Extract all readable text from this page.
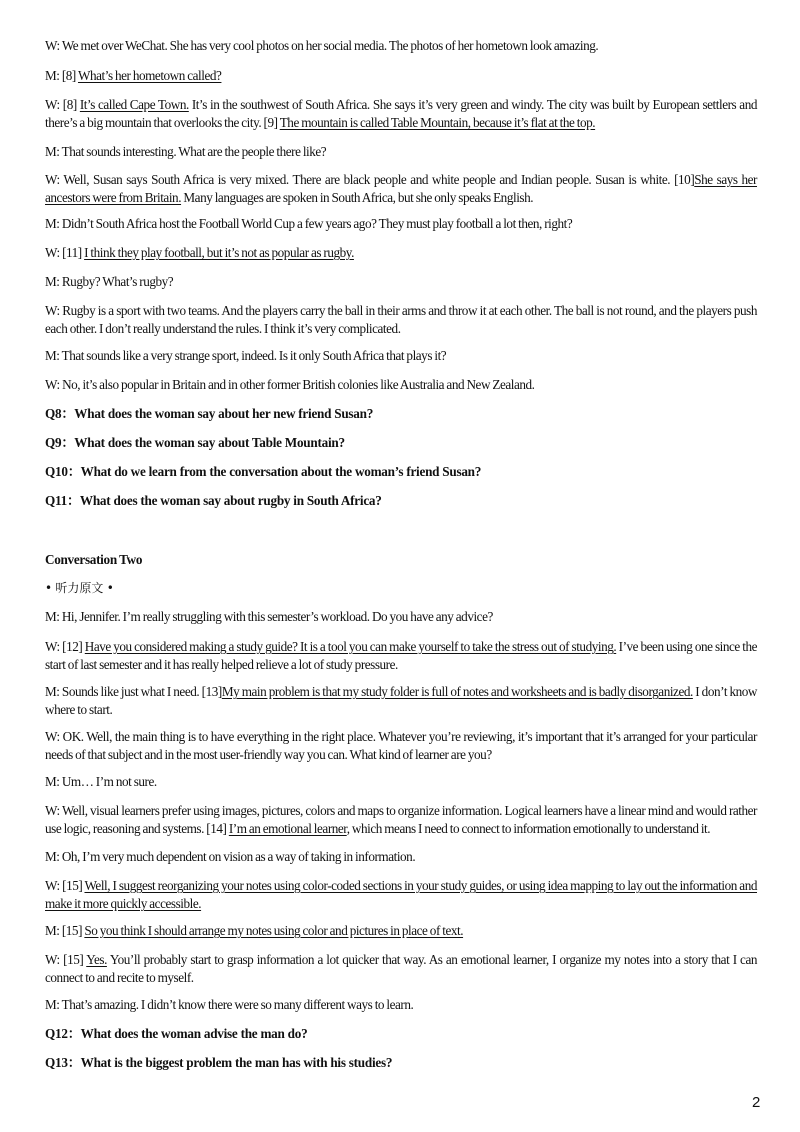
W: We met over WeChat. She has very cool photos on her social media. The photos of her hometown look amazing.

M: [8] What’s her hometown called?

W: [8] It’s called Cape Town. It’s in the southwest of South Africa. She says it’s very green and windy. The city was built by European settlers and there’s a big mountain that overlooks the city. [9] The mountain is called Table Mountain, because it’s flat at the top.

M: That sounds interesting. What are the people there like?

W: Well, Susan says South Africa is very mixed. There are black people and white people and Indian people. Susan is white. [10]She says her ancestors were from Britain. Many languages are spoken in South Africa, but she only speaks English.

M: Didn’t South Africa host the Football World Cup a few years ago? They must play football a lot then, right?

W: [11] I think they play football, but it’s not as popular as rugby.

M: Rugby? What’s rugby?

W: Rugby is a sport with two teams. And the players carry the ball in their arms and throw it at each other. The ball is not round, and the players push each other. I don’t really understand the rules. I think it’s very complicated.

M: That sounds like a very strange sport, indeed. Is it only South Africa that plays it?

W: No, it’s also popular in Britain and in other former British colonies like Australia and New Zealand.

Q8：What does the woman say about her new friend Susan?

Q9：What does the woman say about Table Mountain?

Q10：What do we learn from the conversation about the woman’s friend Susan?

Q11：What does the woman say about rugby in South Africa?

Conversation Two

• 听力原文 •

M: Hi, Jennifer. I’m really struggling with this semester’s workload. Do you have any advice?

W: [12] Have you considered making a study guide? It is a tool you can make yourself to take the stress out of studying. I’ve been using one since the start of last semester and it has really helped relieve a lot of study pressure.

M: Sounds like just what I need. [13]My main problem is that my study folder is full of notes and worksheets and is badly disorganized. I don’t know where to start.

W: OK. Well, the main thing is to have everything in the right place. Whatever you’re reviewing, it’s important that it’s arranged for your particular needs of that subject and in the most user-friendly way you can. What kind of learner are you?

M: Um… I’m not sure.

W: Well, visual learners prefer using images, pictures, colors and maps to organize information. Logical learners have a linear mind and would rather use logic, reasoning and systems. [14] I’m an emotional learner, which means I need to connect to information emotionally to understand it.

M: Oh, I’m very much dependent on vision as a way of taking in information.

W: [15] Well, I suggest reorganizing your notes using color-coded sections in your study guides, or using idea mapping to lay out the information and make it more quickly accessible.

M: [15] So you think I should arrange my notes using color and pictures in place of text.

W: [15] Yes. You’ll probably start to grasp information a lot quicker that way. As an emotional learner, I organize my notes into a story that I can connect to and recite to myself.

M: That’s amazing. I didn’t know there were so many different ways to learn.

Q12：What does the woman advise the man do?

Q13：What is the biggest problem the man has with his studies?

2
